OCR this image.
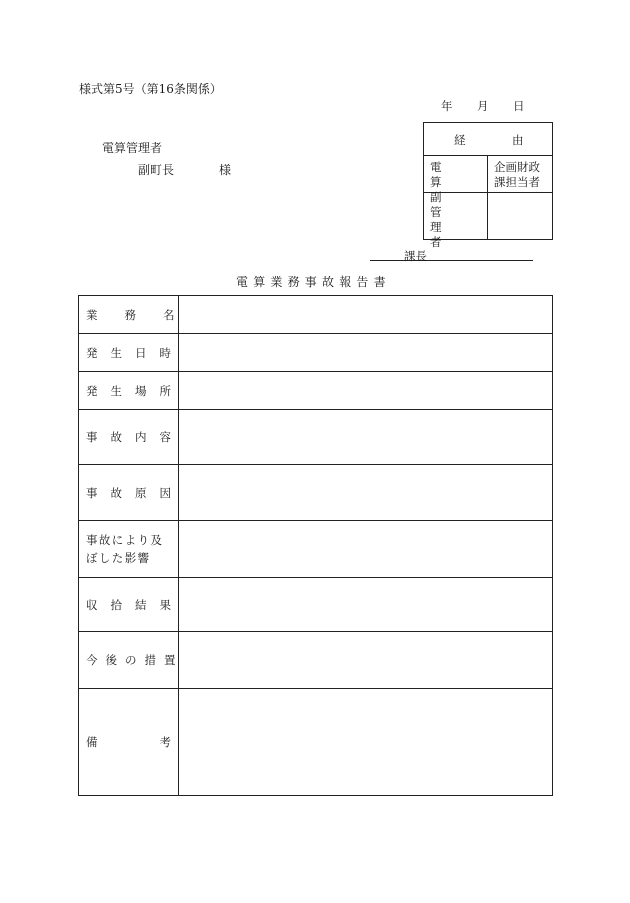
様式第5号（第16条関係）
年 月 日
電算管理者
副町長	様
経	由
電
算
副
管
理
者
企画財政
課担当者
課長
電算業務事故報告書
業務名
発生日時
発生場所
事故内容
事故原因
事故により及ぼした影響
収拾結果
今後の措置
備考
